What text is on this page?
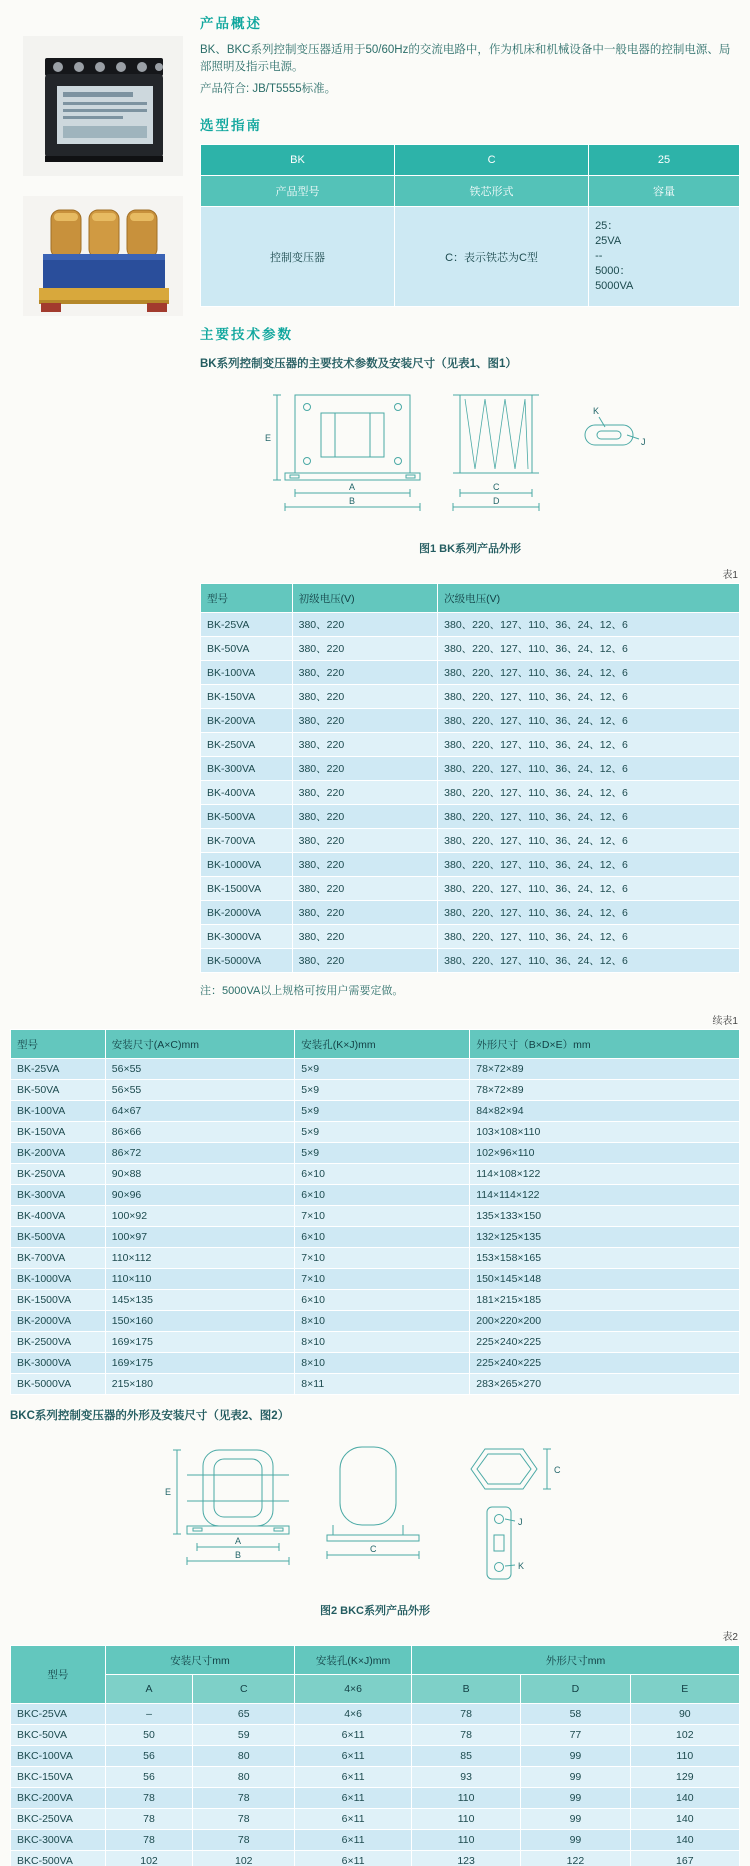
产品概述

BK、BKC系列控制变压器适用于50/60Hz的交流电路中，作为机床和机械设备中一般电器的控制电源、局部照明及指示电源。

产品符合: JB/T5555标准。

选型指南
BK	C	25
产品型号	铁芯形式	容量
控制变压器	C：表示铁芯为C型	25：
25VA
--
5000：
5000VA
主要技术参数

BK系列控制变压器的主要技术参数及安装尺寸（见表1、图1）

E
A
B
C
D
K
J
图1 BK系列产品外形
表1
型号	初级电压(V)	次级电压(V)
BK-25VA	380、220	380、220、127、110、36、24、12、6
BK-50VA	380、220	380、220、127、110、36、24、12、6
BK-100VA	380、220	380、220、127、110、36、24、12、6
BK-150VA	380、220	380、220、127、110、36、24、12、6
BK-200VA	380、220	380、220、127、110、36、24、12、6
BK-250VA	380、220	380、220、127、110、36、24、12、6
BK-300VA	380、220	380、220、127、110、36、24、12、6
BK-400VA	380、220	380、220、127、110、36、24、12、6
BK-500VA	380、220	380、220、127、110、36、24、12、6
BK-700VA	380、220	380、220、127、110、36、24、12、6
BK-1000VA	380、220	380、220、127、110、36、24、12、6
BK-1500VA	380、220	380、220、127、110、36、24、12、6
BK-2000VA	380、220	380、220、127、110、36、24、12、6
BK-3000VA	380、220	380、220、127、110、36、24、12、6
BK-5000VA	380、220	380、220、127、110、36、24、12、6

注：5000VA以上规格可按用户需要定做。

续表1
型号	安装尺寸(A×C)mm	安装孔(K×J)mm	外形尺寸（B×D×E）mm
BK-25VA	56×55	5×9	78×72×89
BK-50VA	56×55	5×9	78×72×89
BK-100VA	64×67	5×9	84×82×94
BK-150VA	86×66	5×9	103×108×110
BK-200VA	86×72	5×9	102×96×110
BK-250VA	90×88	6×10	114×108×122
BK-300VA	90×96	6×10	114×114×122
BK-400VA	100×92	7×10	135×133×150
BK-500VA	100×97	6×10	132×125×135
BK-700VA	110×112	7×10	153×158×165
BK-1000VA	110×110	7×10	150×145×148
BK-1500VA	145×135	6×10	181×215×185
BK-2000VA	150×160	8×10	200×220×200
BK-2500VA	169×175	8×10	225×240×225
BK-3000VA	169×175	8×10	225×240×225
BK-5000VA	215×180	8×11	283×265×270

BKC系列控制变压器的外形及安装尺寸（见表2、图2）

E
A
B
C
C
J
K
图2 BKC系列产品外形
表2
型号	安装尺寸mm		安装孔(K×J)mm	外形尺寸mm		
	A	C	4×6	B	D	E
BKC-25VA	–	65	4×6	78	58	90
BKC-50VA	50	59	6×11	78	77	102
BKC-100VA	56	80	6×11	85	99	110
BKC-150VA	56	80	6×11	93	99	129
BKC-200VA	78	78	6×11	110	99	140
BKC-250VA	78	78	6×11	110	99	140
BKC-300VA	78	78	6×11	110	99	140
BKC-500VA	102	102	6×11	123	122	167
